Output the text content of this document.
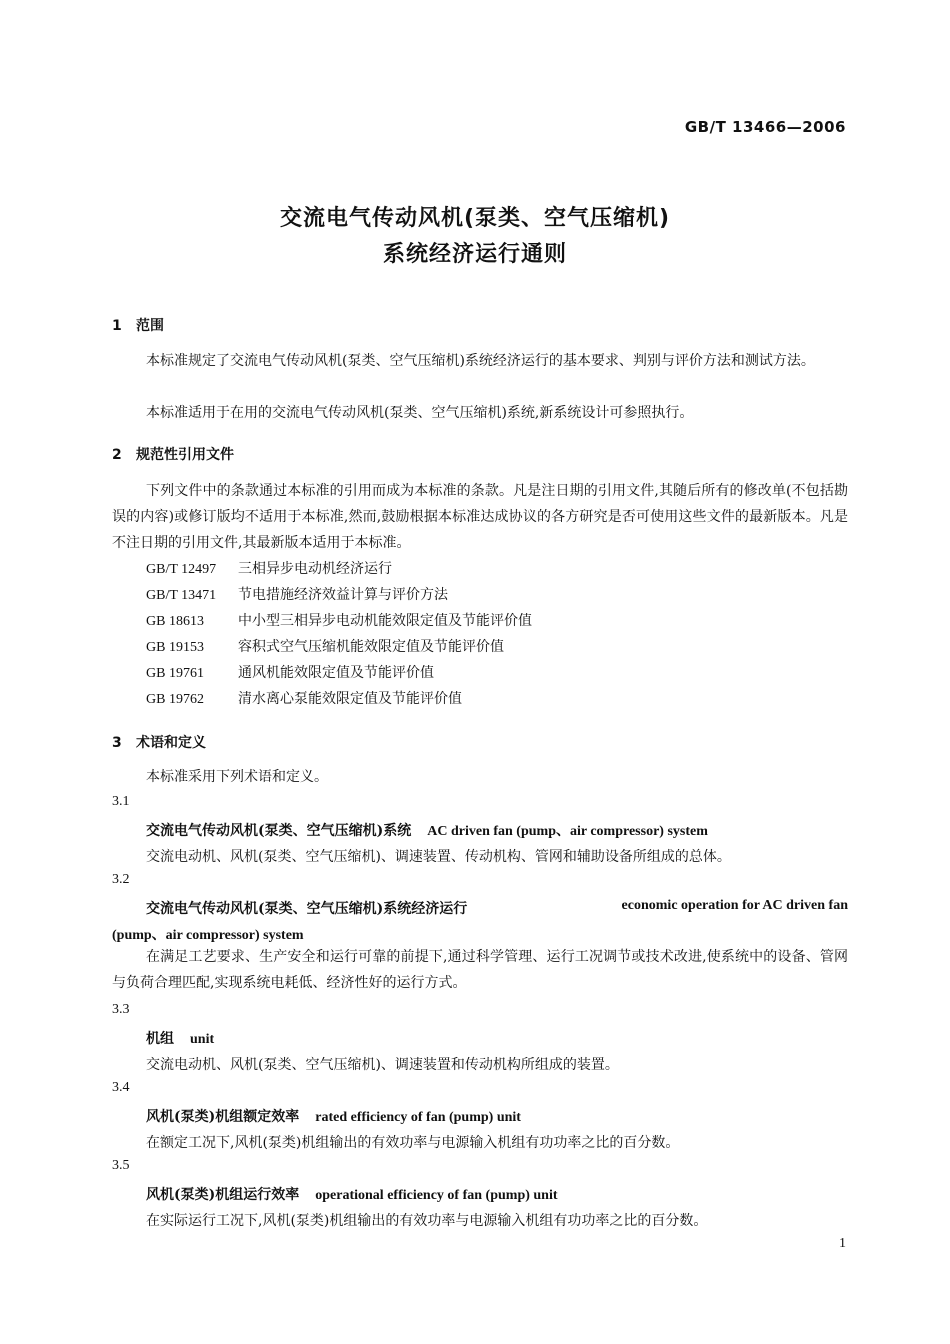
GB/T 13466—2006
交流电气传动风机(泵类、空气压缩机)
系统经济运行通则
1 范围
本标准规定了交流电气传动风机(泵类、空气压缩机)系统经济运行的基本要求、判别与评价方法和测试方法。
本标准适用于在用的交流电气传动风机(泵类、空气压缩机)系统,新系统设计可参照执行。
2 规范性引用文件
下列文件中的条款通过本标准的引用而成为本标准的条款。凡是注日期的引用文件,其随后所有的修改单(不包括勘误的内容)或修订版均不适用于本标准,然而,鼓励根据本标准达成协议的各方研究是否可使用这些文件的最新版本。凡是不注日期的引用文件,其最新版本适用于本标准。
GB/T 12497 三相异步电动机经济运行
GB/T 13471 节电措施经济效益计算与评价方法
GB 18613 中小型三相异步电动机能效限定值及节能评价值
GB 19153 容积式空气压缩机能效限定值及节能评价值
GB 19761 通风机能效限定值及节能评价值
GB 19762 清水离心泵能效限定值及节能评价值
3 术语和定义
本标准采用下列术语和定义。
3.1
交流电气传动风机(泵类、空气压缩机)系统 AC driven fan (pump、air compressor) system
交流电动机、风机(泵类、空气压缩机)、调速装置、传动机构、管网和辅助设备所组成的总体。
3.2
交流电气传动风机(泵类、空气压缩机)系统经济运行	economic operation for AC driven fan
(pump、air compressor) system
在满足工艺要求、生产安全和运行可靠的前提下,通过科学管理、运行工况调节或技术改进,使系统中的设备、管网与负荷合理匹配,实现系统电耗低、经济性好的运行方式。
3.3
机组 unit
交流电动机、风机(泵类、空气压缩机)、调速装置和传动机构所组成的装置。
3.4
风机(泵类)机组额定效率 rated efficiency of fan (pump) unit
在额定工况下,风机(泵类)机组输出的有效功率与电源输入机组有功功率之比的百分数。
3.5
风机(泵类)机组运行效率 operational efficiency of fan (pump) unit
在实际运行工况下,风机(泵类)机组输出的有效功率与电源输入机组有功功率之比的百分数。
1
